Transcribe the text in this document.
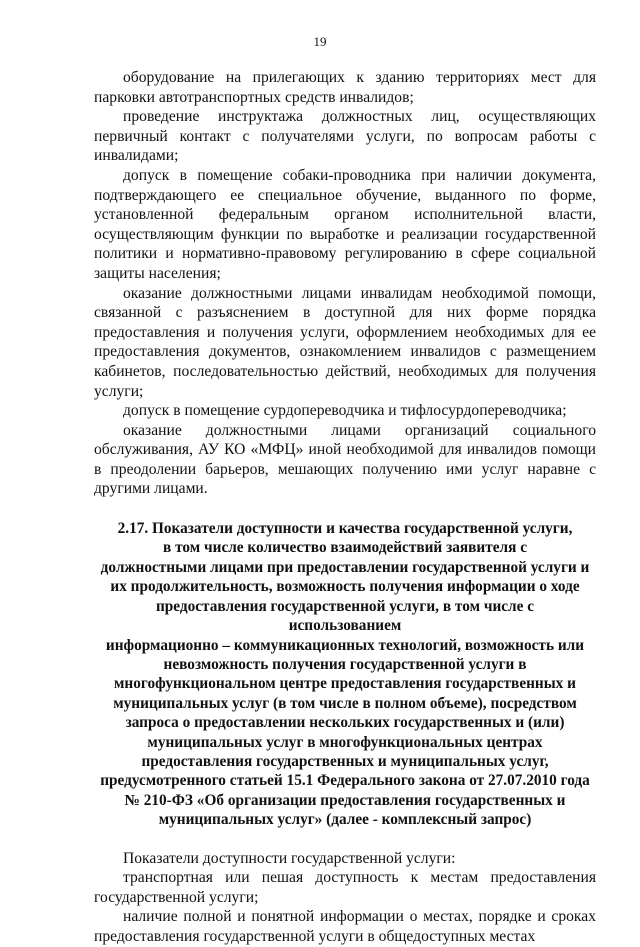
19

оборудование на прилегающих к зданию территориях мест для парковки автотранспортных средств инвалидов;

проведение инструктажа должностных лиц, осуществляющих первичный контакт с получателями услуги, по вопросам работы с инвалидами;

допуск в помещение собаки-проводника при наличии документа, подтверждающего ее специальное обучение, выданного по форме, установленной федеральным органом исполнительной власти, осуществляющим функции по выработке и реализации государственной политики и нормативно-правовому регулированию в сфере социальной защиты населения;

оказание должностными лицами инвалидам необходимой помощи, связанной с разъяснением в доступной для них форме порядка предоставления и получения услуги, оформлением необходимых для ее предоставления документов, ознакомлением инвалидов с размещением кабинетов, последовательностью действий, необходимых для получения услуги;

допуск в помещение сурдопереводчика и тифлосурдопереводчика;

оказание должностными лицами организаций социального обслуживания, АУ КО «МФЦ» иной необходимой для инвалидов помощи в преодолении барьеров, мешающих получению ими услуг наравне с другими лицами.

2.17. Показатели доступности и качества государственной услуги,
в том числе количество взаимодействий заявителя с
должностными лицами при предоставлении государственной услуги и
их продолжительность, возможность получения информации о ходе
предоставления государственной услуги, в том числе с использованием
информационно – коммуникационных технологий, возможность или
невозможность получения государственной услуги в
многофункциональном центре предоставления государственных и
муниципальных услуг (в том числе в полном объеме), посредством
запроса о предоставлении нескольких государственных и (или)
муниципальных услуг в многофункциональных центрах
предоставления государственных и муниципальных услуг,
предусмотренного статьей 15.1 Федерального закона от 27.07.2010 года
№ 210-ФЗ «Об организации предоставления государственных и
муниципальных услуг» (далее - комплексный запрос)

Показатели доступности государственной услуги:

транспортная или пешая доступность к местам предоставления государственной услуги;

наличие полной и понятной информации о местах, порядке и сроках предоставления государственной услуги в общедоступных местах
